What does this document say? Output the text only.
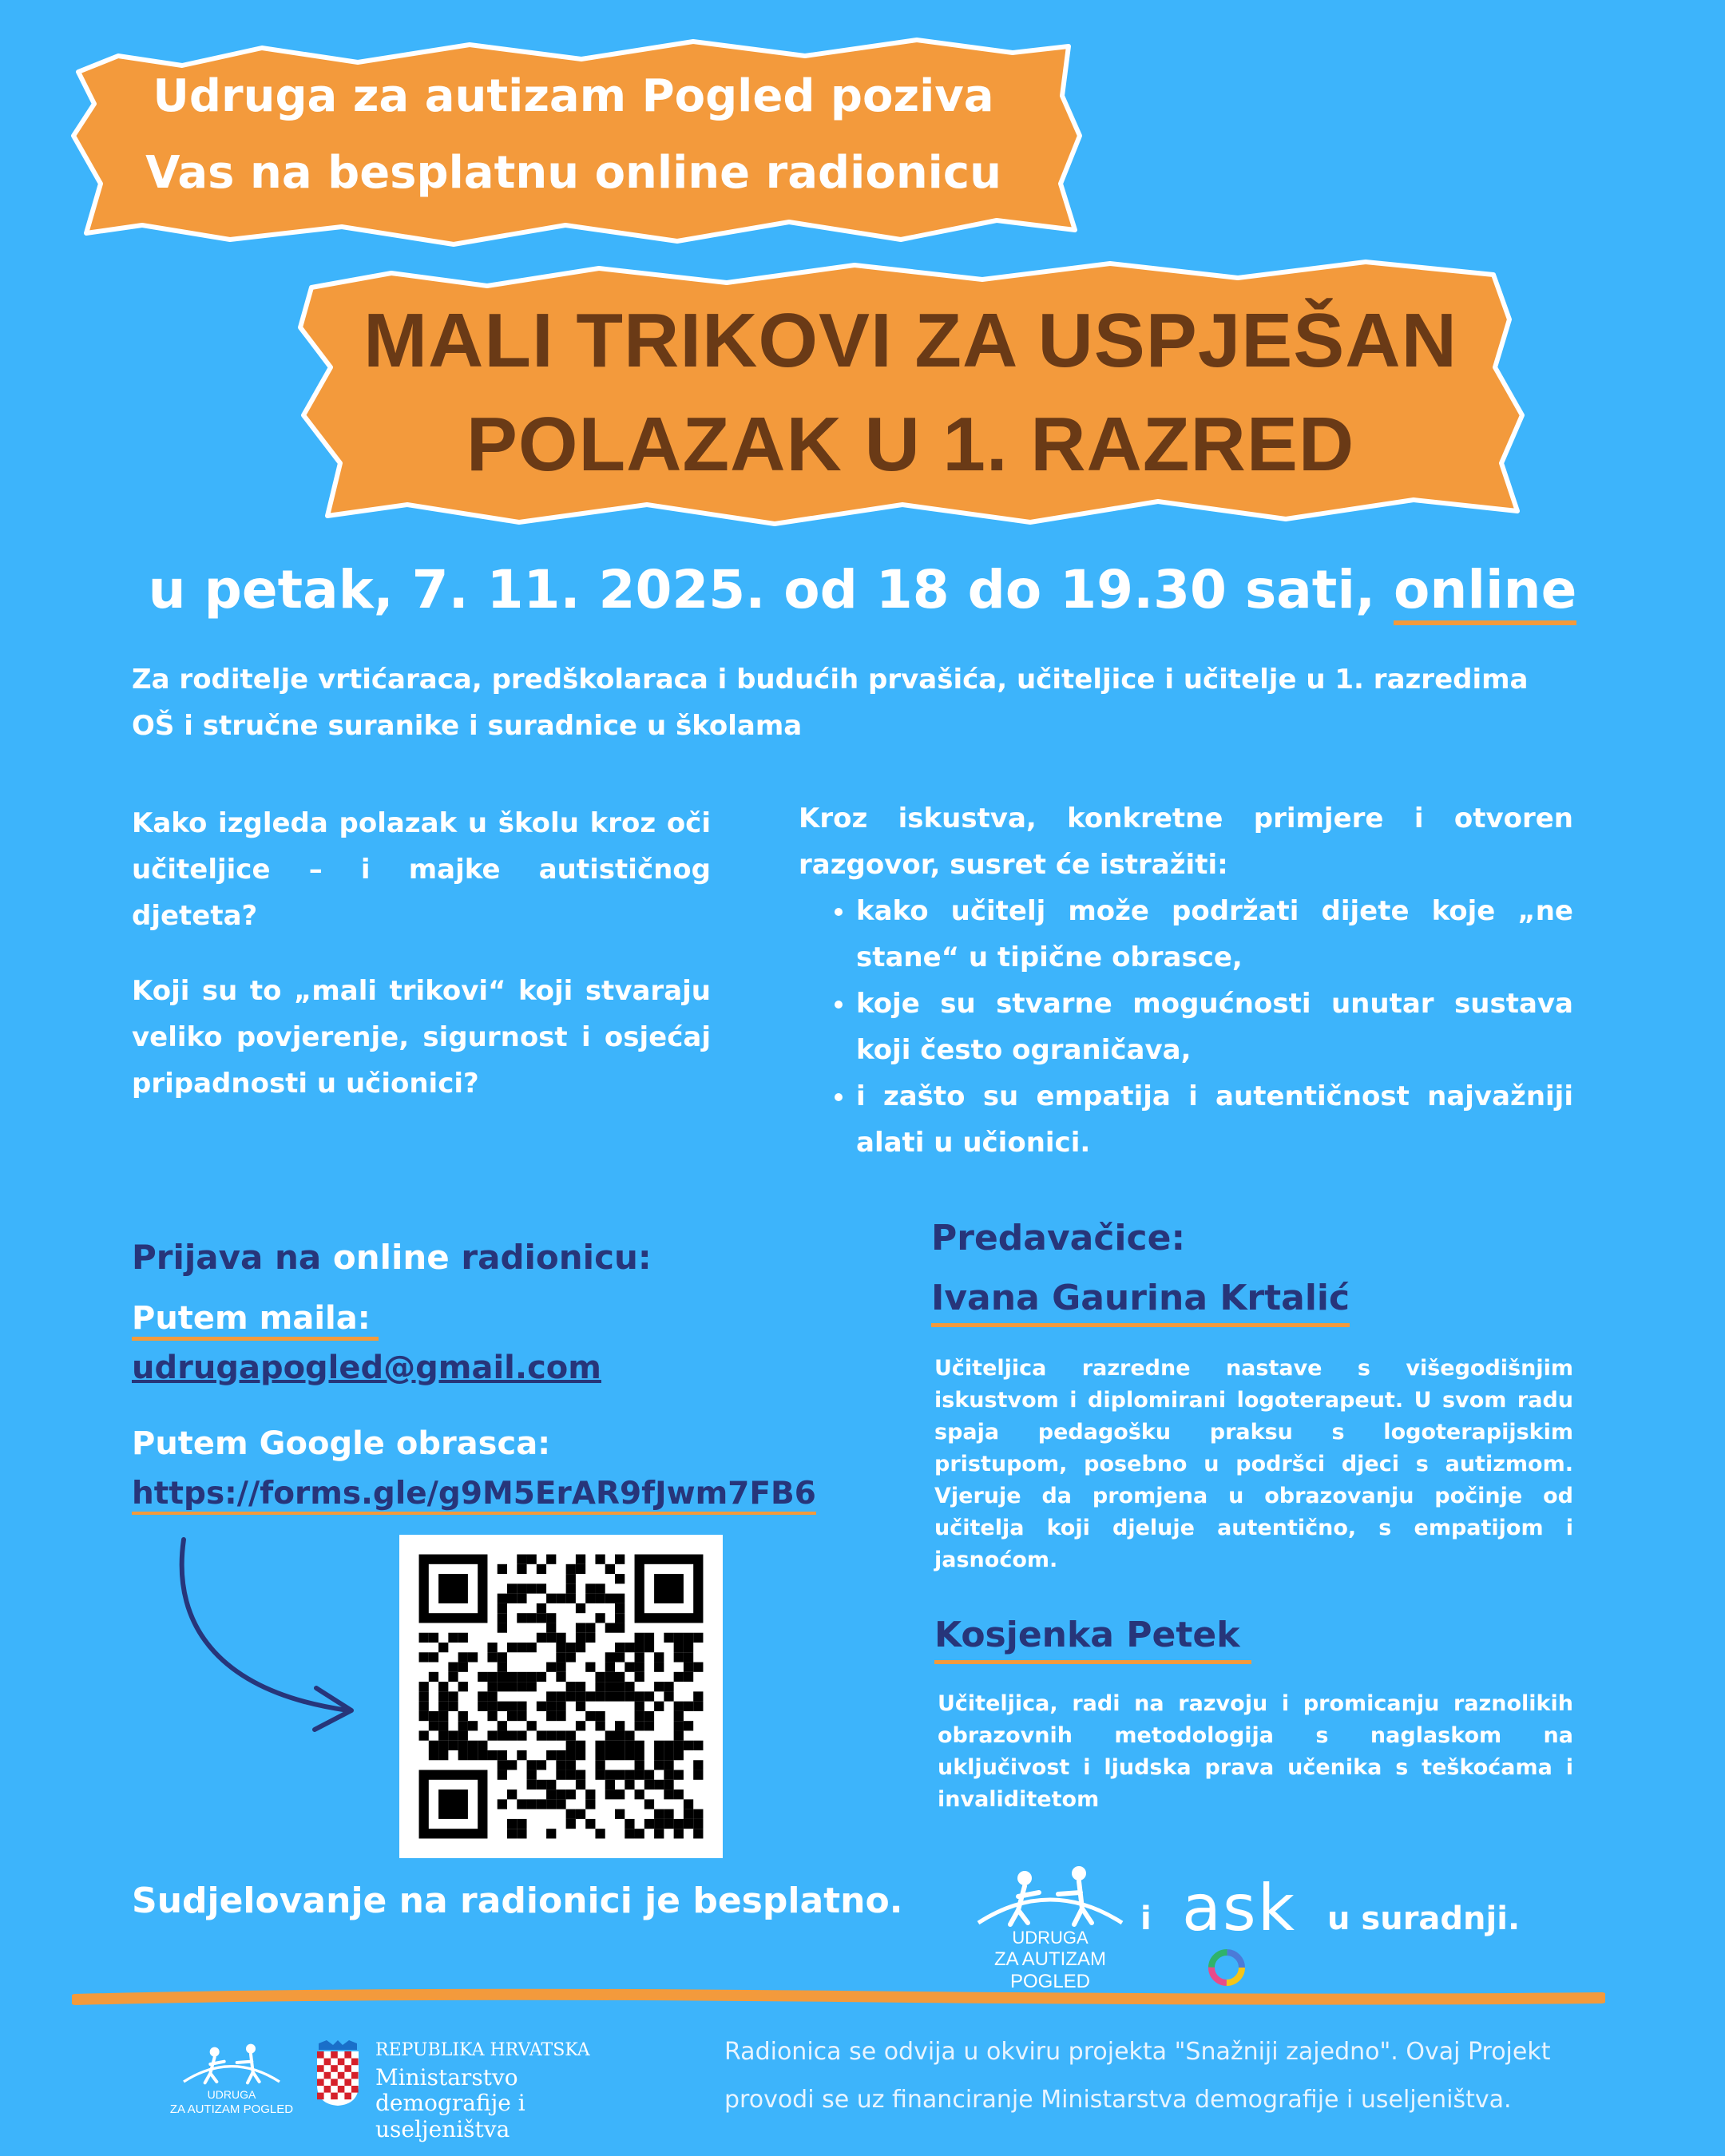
Udruga za autizam Pogled poziva
Vas na besplatnu online radionicu
MALI TRIKOVI ZA USPJEŠAN
POLAZAK U 1. RAZRED
u petak, 7. 11. 2025. od 18 do 19.30 sati, online
Za roditelje vrtićaraca, predškolaraca i budućih prvašića, učiteljice i učitelje u 1. razredima OŠ i stručne suranike i suradnice u školama
Kako izgleda polazak u školu kroz oči učiteljice – i majke autističnog djeteta?
Koji su to „mali trikovi“ koji stvaraju veliko povjerenje, sigurnost i osjećaj pripadnosti u učionici?
Kroz iskustva, konkretne primjere i otvoren razgovor, susret će istražiti:
• kako učitelj može podržati dijete koje „ne stane“ u tipične obrasce,
• koje su stvarne mogućnosti unutar sustava koji često ograničava,
• i zašto su empatija i autentičnost najvažniji alati u učionici.
Prijava na online radionicu:
Putem maila:
udrugapogled@gmail.com
Putem Google obrasca:
https://forms.gle/g9M5ErAR9fJwm7FB6
Sudjelovanje na radionici je besplatno.
Predavačice:
Ivana Gaurina Krtalić
Učiteljica razredne nastave s višegodišnjim iskustvom i diplomirani logoterapeut. U svom radu spaja pedagošku praksu s logoterapijskim pristupom, posebno u podršci djeci s autizmom. Vjeruje da promjena u obrazovanju počinje od učitelja koji djeluje autentično, s empatijom i jasnoćom.
Kosjenka Petek
Učiteljica, radi na razvoju i promicanju raznolikih obrazovnih metodologija s naglaskom na uključivost i ljudska prava učenika s teškoćama i invaliditetom
UDRUGA
ZA AUTIZAM POGLED
i ask u suradnji.
UDRUGA
ZA AUTIZAM POGLED
REPUBLIKA HRVATSKA
Ministarstvo
demografije i useljeništva
Radionica se odvija u okviru projekta "Snažniji zajedno". Ovaj Projekt
provodi se uz financiranje Ministarstva demografije i useljeništva.
